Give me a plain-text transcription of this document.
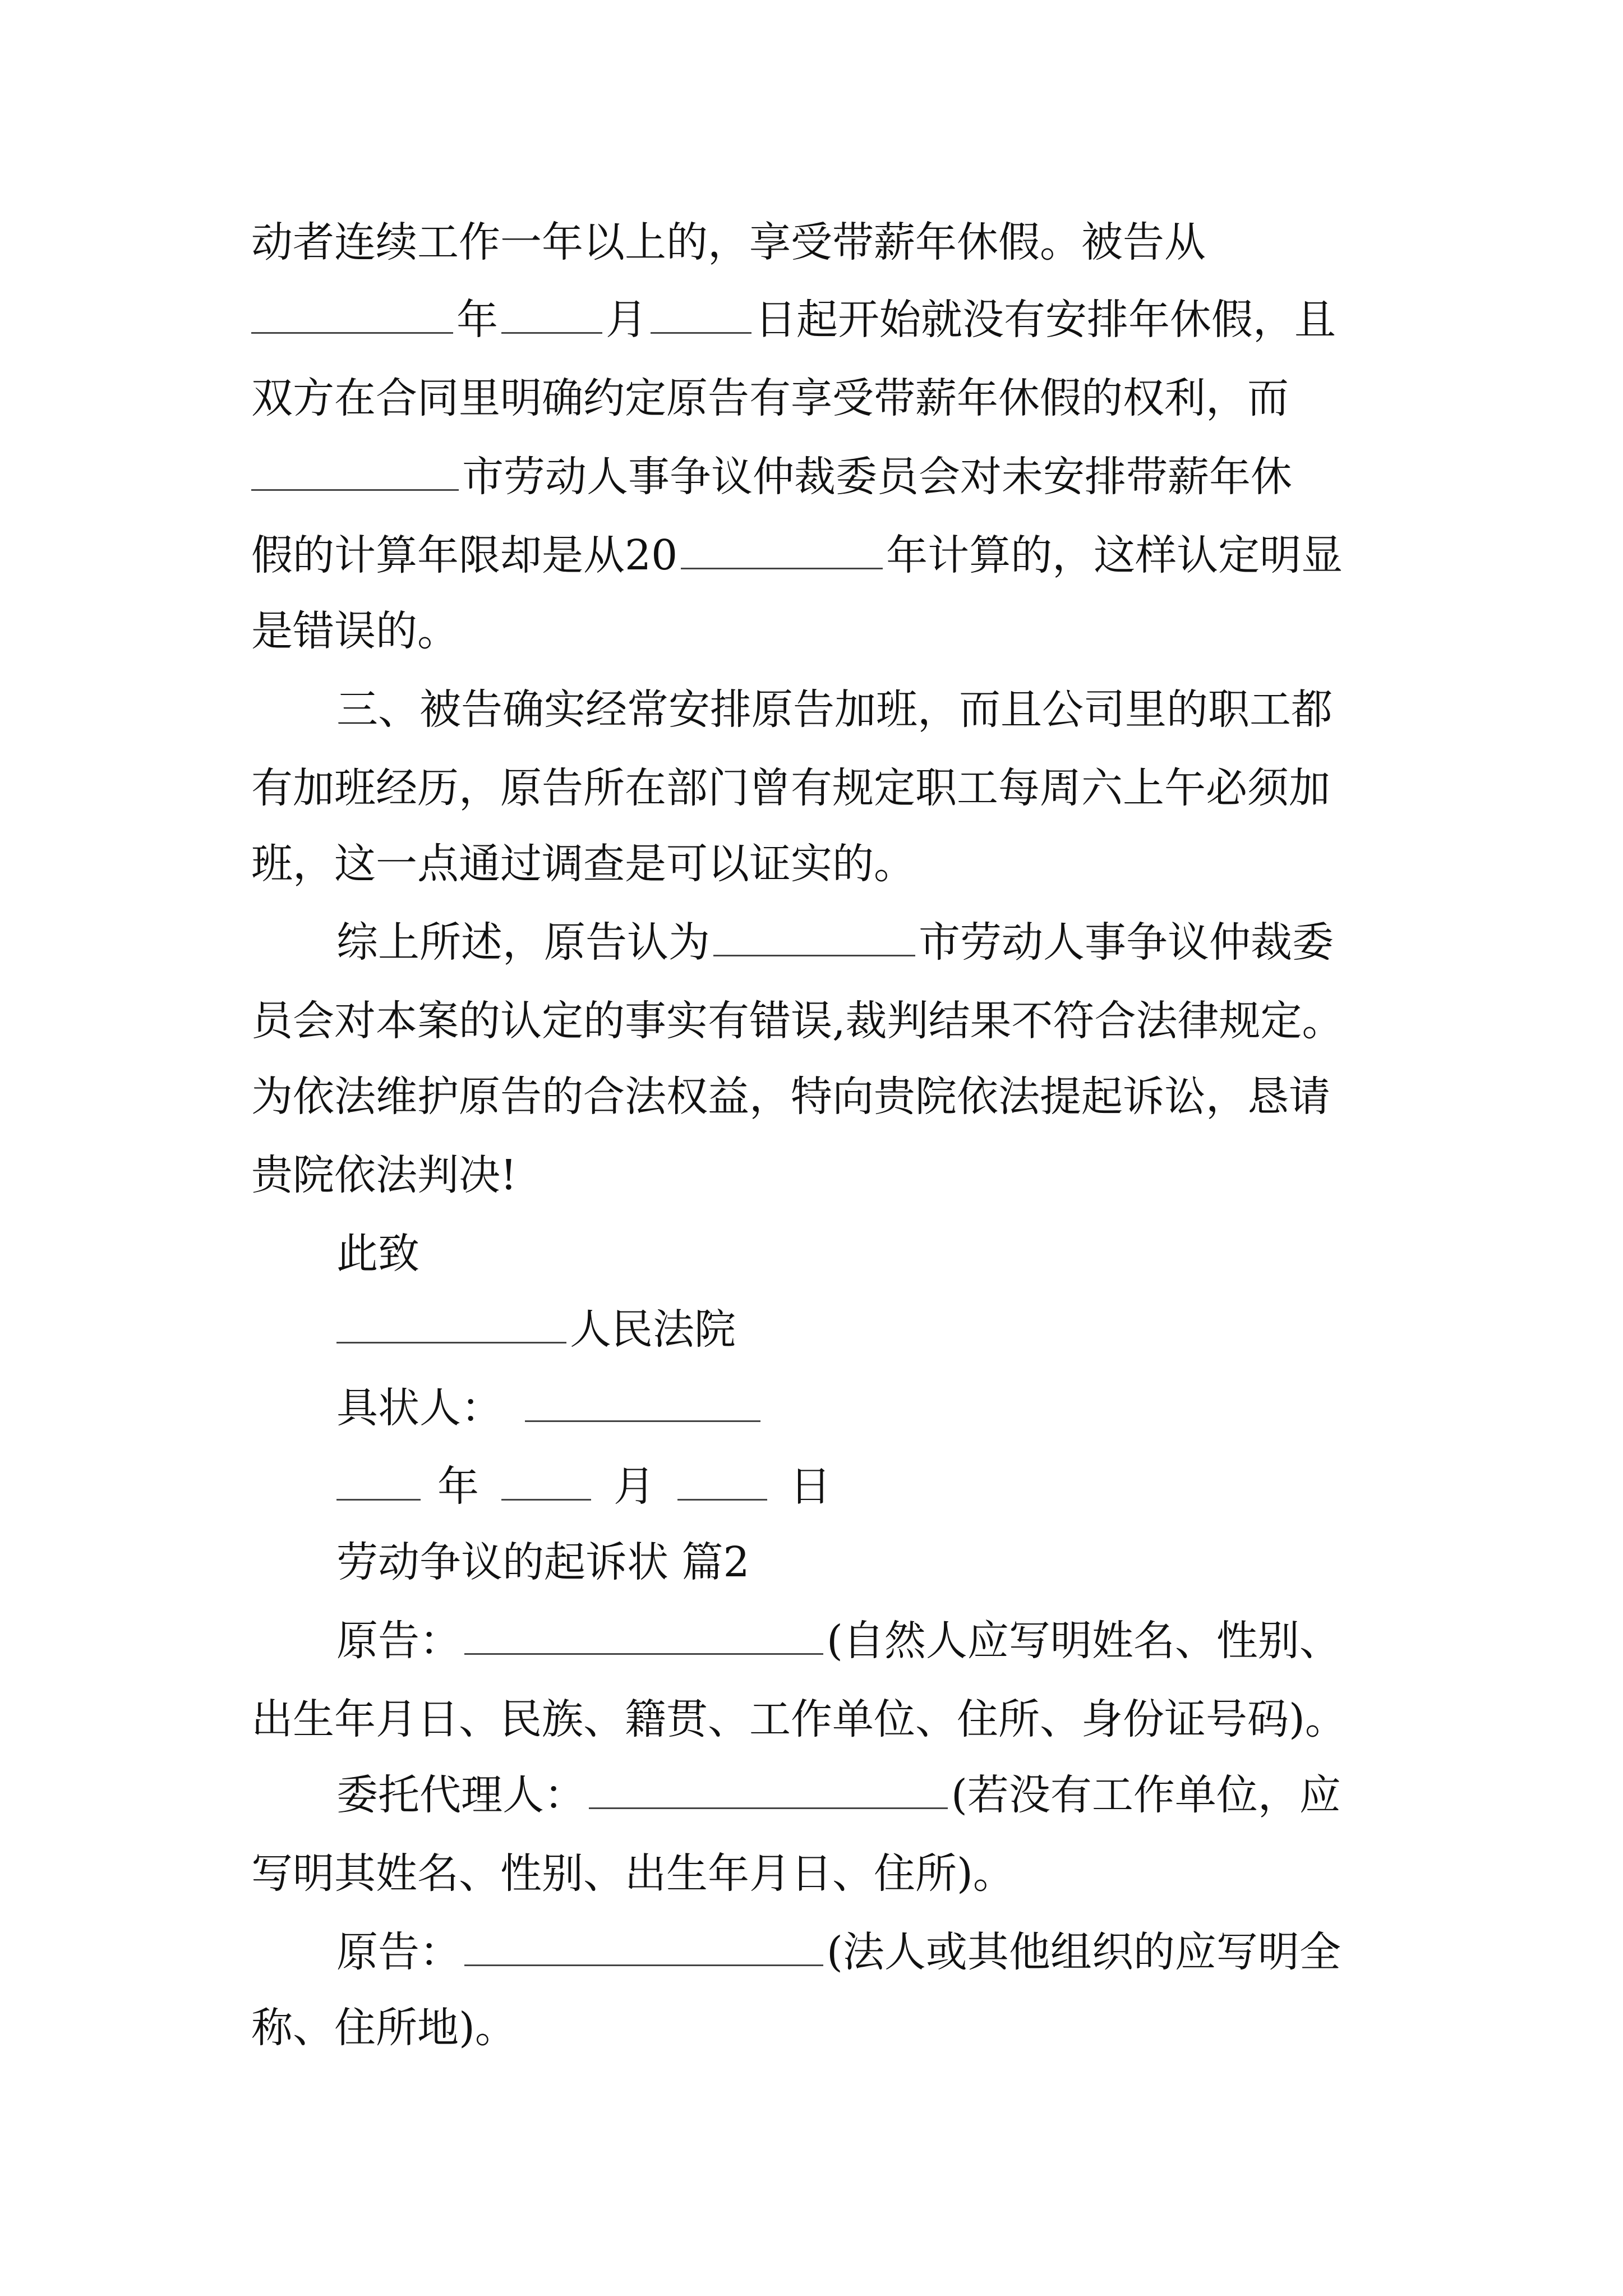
动者连续工作一年以上的，享受带薪年休假。被告从
年	月	日起开始就没有安排年休假，且
双方在合同里明确约定原告有享受带薪年休假的权利，而
市劳动人事争议仲裁委员会对未安排带薪年休
假的计算年限却是从20	年计算的，这样认定明显
是错误的。
三、被告确实经常安排原告加班，而且公司里的职工都
有加班经历，原告所在部门曾有规定职工每周六上午必须加
班，这一点通过调查是可以证实的。
综上所述，原告认为	市劳动人事争议仲裁委
员会对本案的认定的事实有错误,裁判结果不符合法律规定。
为依法维护原告的合法权益，特向贵院依法提起诉讼，恳请
贵院依法判决!
此致
人民法院
具状人：
年	月	日
劳动争议的起诉状 篇2
原告：	(自然人应写明姓名、性别、
出生年月日、民族、籍贯、工作单位、住所、身份证号码)。
委托代理人：	(若没有工作单位，应
写明其姓名、性别、出生年月日、住所)。
原告：	(法人或其他组织的应写明全
称、住所地)。
